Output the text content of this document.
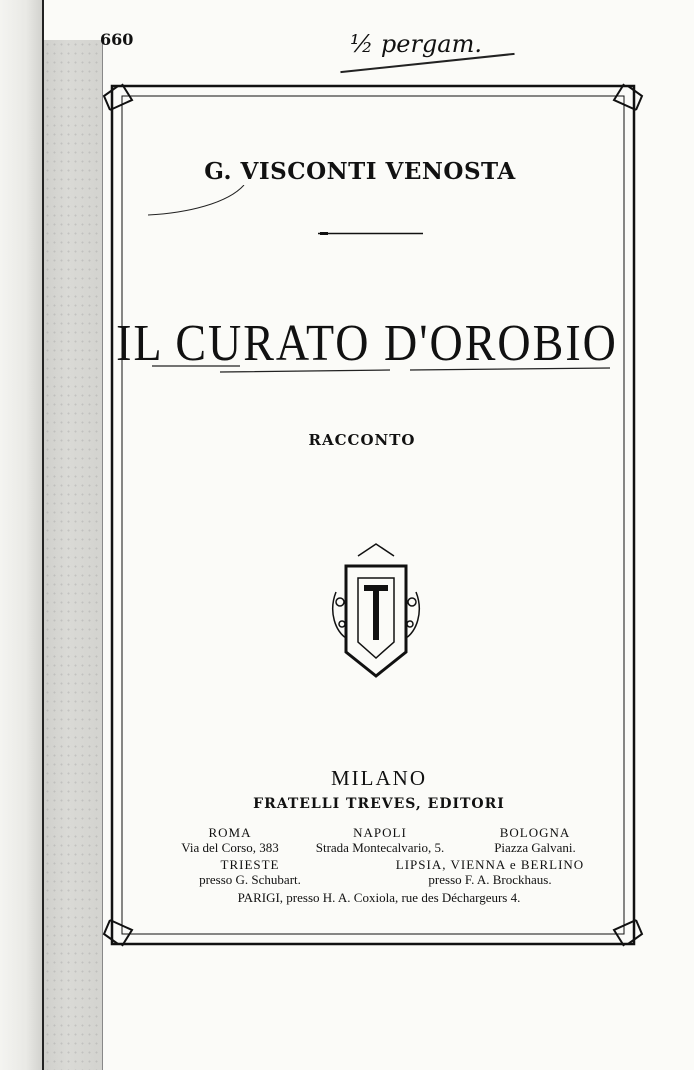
660	½ pergam.
G. VISCONTI VENOSTA
IL CURATO D'OROBIO
RACCONTO
MILANO
FRATELLI TREVES, EDITORI
ROMA
Via del Corso, 383
NAPOLI
Strada Montecalvario, 5.
BOLOGNA
Piazza Galvani.
TRIESTE
presso G. Schubart.
LIPSIA, VIENNA e BERLINO
presso F. A. Brockhaus.
PARIGI, presso H. A. Coxiola, rue des Déchargeurs 4.
